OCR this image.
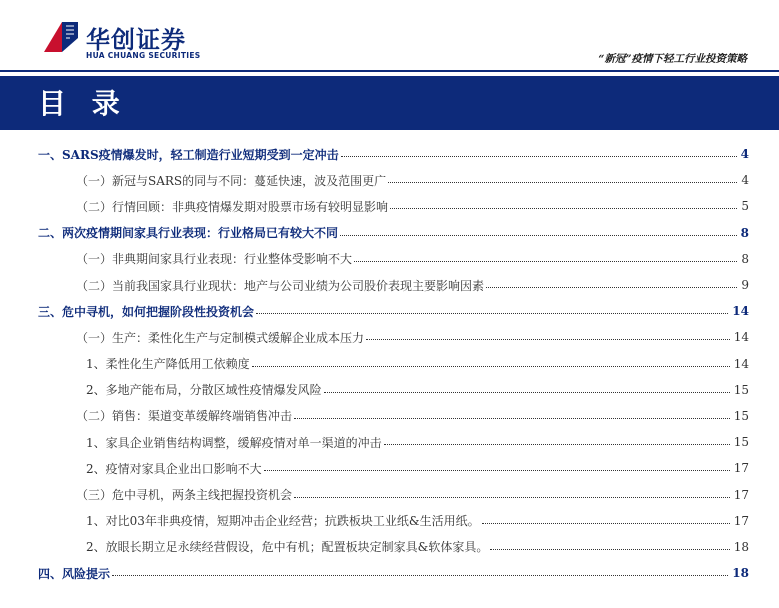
华创证券
HUA CHUANG SECURITIES	“新冠”疫情下轻工行业投资策略
目 录
一、SARS疫情爆发时，轻工制造行业短期受到一定冲击	4
（一）新冠与SARS的同与不同：蔓延快速，波及范围更广	4
（二）行情回顾：非典疫情爆发期对股票市场有较明显影响	5
二、两次疫情期间家具行业表现：行业格局已有较大不同	8
（一）非典期间家具行业表现：行业整体受影响不大	8
（二）当前我国家具行业现状：地产与公司业绩为公司股价表现主要影响因素	9
三、危中寻机，如何把握阶段性投资机会	14
（一）生产：柔性化生产与定制模式缓解企业成本压力	14
1、柔性化生产降低用工依赖度	14
2、多地产能布局，分散区域性疫情爆发风险	15
（二）销售：渠道变革缓解终端销售冲击	15
1、家具企业销售结构调整，缓解疫情对单一渠道的冲击	15
2、疫情对家具企业出口影响不大	17
（三）危中寻机，两条主线把握投资机会	17
1、对比03年非典疫情，短期冲击企业经营；抗跌板块工业纸&生活用纸。	17
2、放眼长期立足永续经营假设，危中有机；配置板块定制家具&软体家具。	18
四、风险提示	18
